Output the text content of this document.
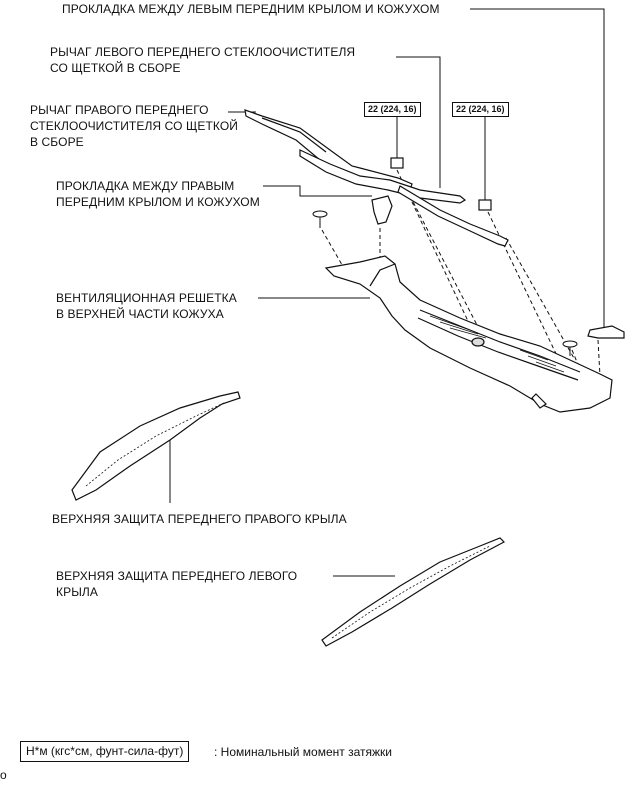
ПРОКЛАДКА МЕЖДУ ЛЕВЫМ ПЕРЕДНИМ КРЫЛОМ И КОЖУХОМ
РЫЧАГ ЛЕВОГО ПЕРЕДНЕГО СТЕКЛООЧИСТИТЕЛЯ
СО ЩЕТКОЙ В СБОРЕ
РЫЧАГ ПРАВОГО ПЕРЕДНЕГО
СТЕКЛООЧИСТИТЕЛЯ СО ЩЕТКОЙ
В СБОРЕ
ПРОКЛАДКА МЕЖДУ ПРАВЫМ
ПЕРЕДНИМ КРЫЛОМ И КОЖУХОМ
ВЕНТИЛЯЦИОННАЯ РЕШЕТКА
В ВЕРХНЕЙ ЧАСТИ КОЖУХА
ВЕРХНЯЯ ЗАЩИТА ПЕРЕДНЕГО ПРАВОГО КРЫЛА
ВЕРХНЯЯ ЗАЩИТА ПЕРЕДНЕГО ЛЕВОГО
КРЫЛА
22 (224, 16)	22 (224, 16)
Н*м (кгс*см, фунт-сила-фут)	: Номинальный момент затяжки
o
